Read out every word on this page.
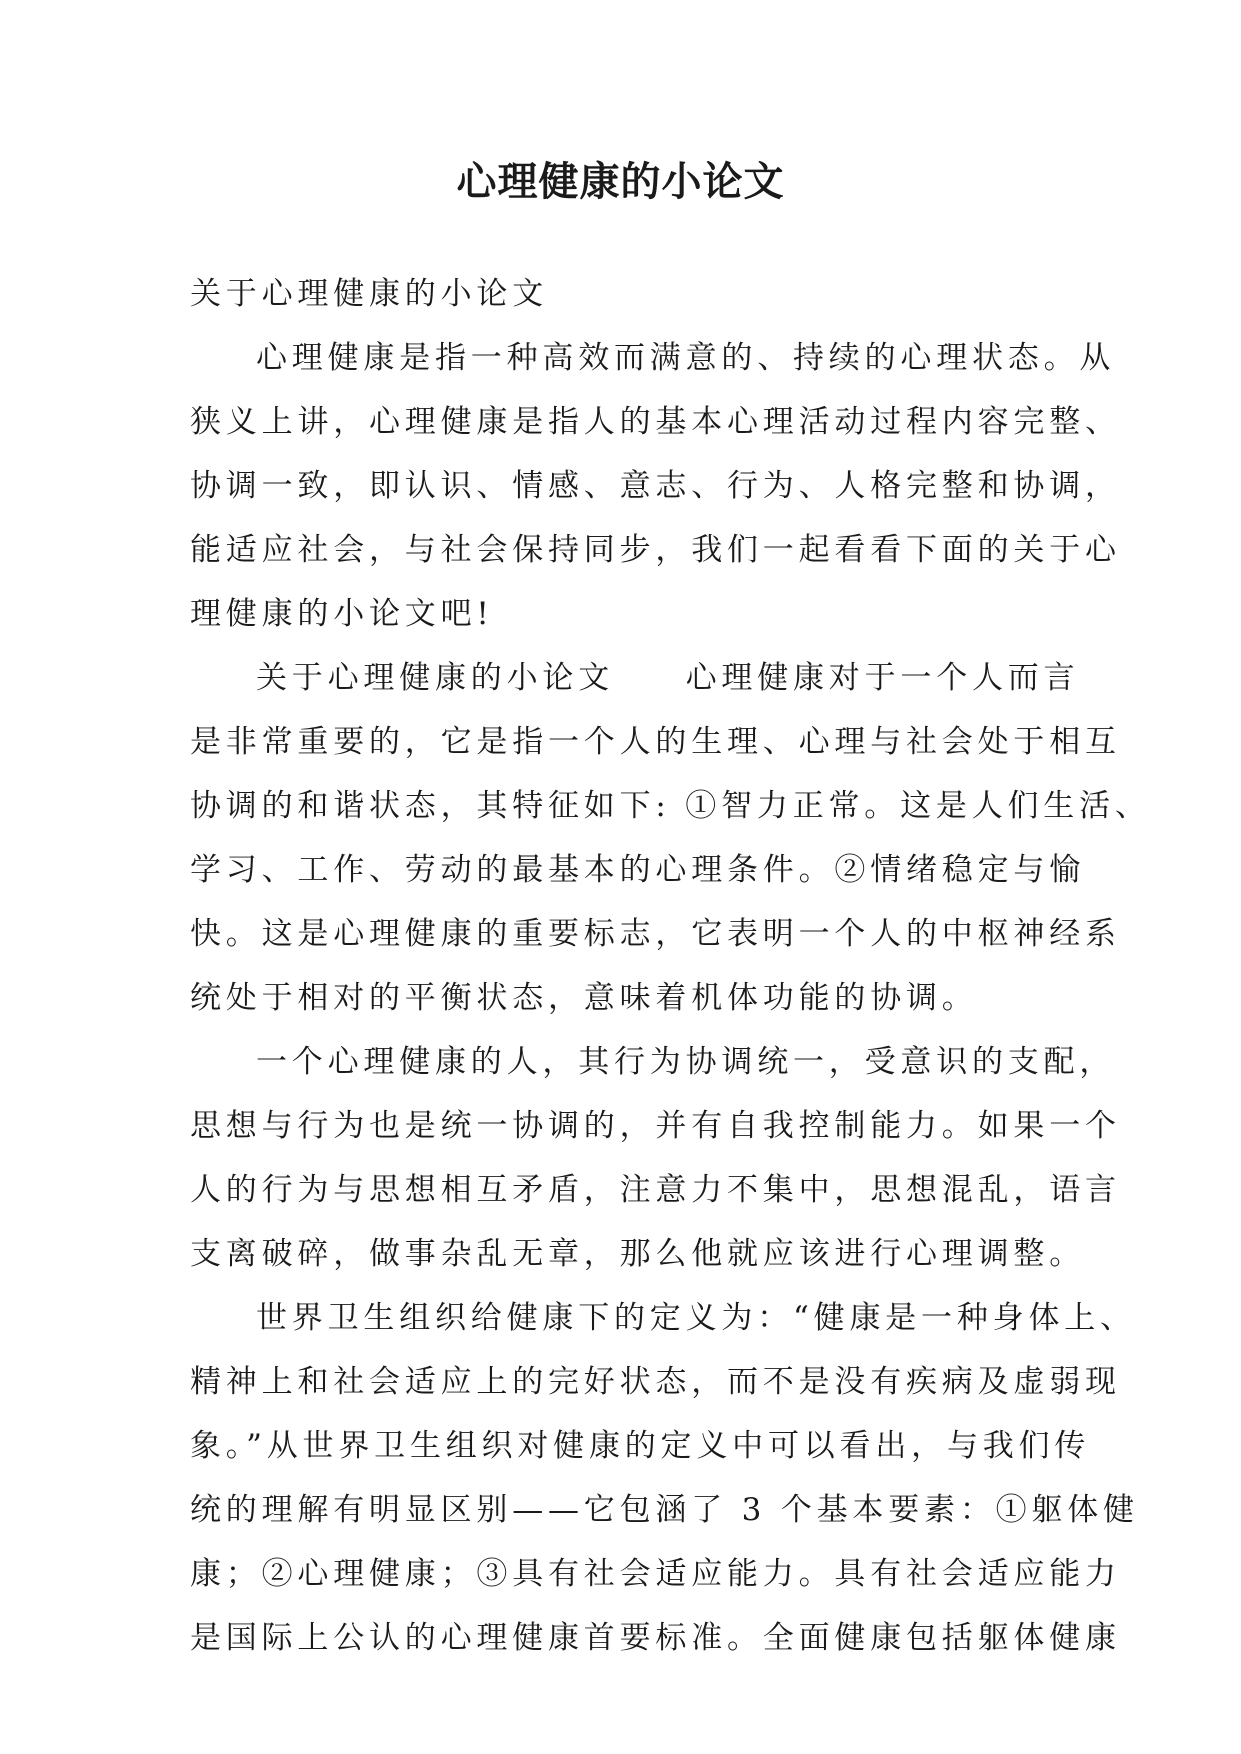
心理健康的小论文
关于心理健康的小论文
心理健康是指一种高效而满意的、持续的心理状态。从
狭义上讲，心理健康是指人的基本心理活动过程内容完整、
协调一致，即认识、情感、意志、行为、人格完整和协调，
能适应社会，与社会保持同步，我们一起看看下面的关于心
理健康的小论文吧!
关于心理健康的小论文　　心理健康对于一个人而言
是非常重要的，它是指一个人的生理、心理与社会处于相互
协调的和谐状态，其特征如下: ①智力正常。这是人们生活、
学习、工作、劳动的最基本的心理条件。②情绪稳定与愉
快。这是心理健康的重要标志，它表明一个人的中枢神经系
统处于相对的平衡状态，意味着机体功能的协调。
一个心理健康的人，其行为协调统一，受意识的支配，
思想与行为也是统一协调的，并有自我控制能力。如果一个
人的行为与思想相互矛盾，注意力不集中，思想混乱，语言
支离破碎，做事杂乱无章，那么他就应该进行心理调整。
世界卫生组织给健康下的定义为：“健康是一种身体上、
精神上和社会适应上的完好状态，而不是没有疾病及虚弱现
象。”从世界卫生组织对健康的定义中可以看出，与我们传
统的理解有明显区别——它包涵了 3 个基本要素：①躯体健
康；②心理健康；③具有社会适应能力。具有社会适应能力
是国际上公认的心理健康首要标准。全面健康包括躯体健康
